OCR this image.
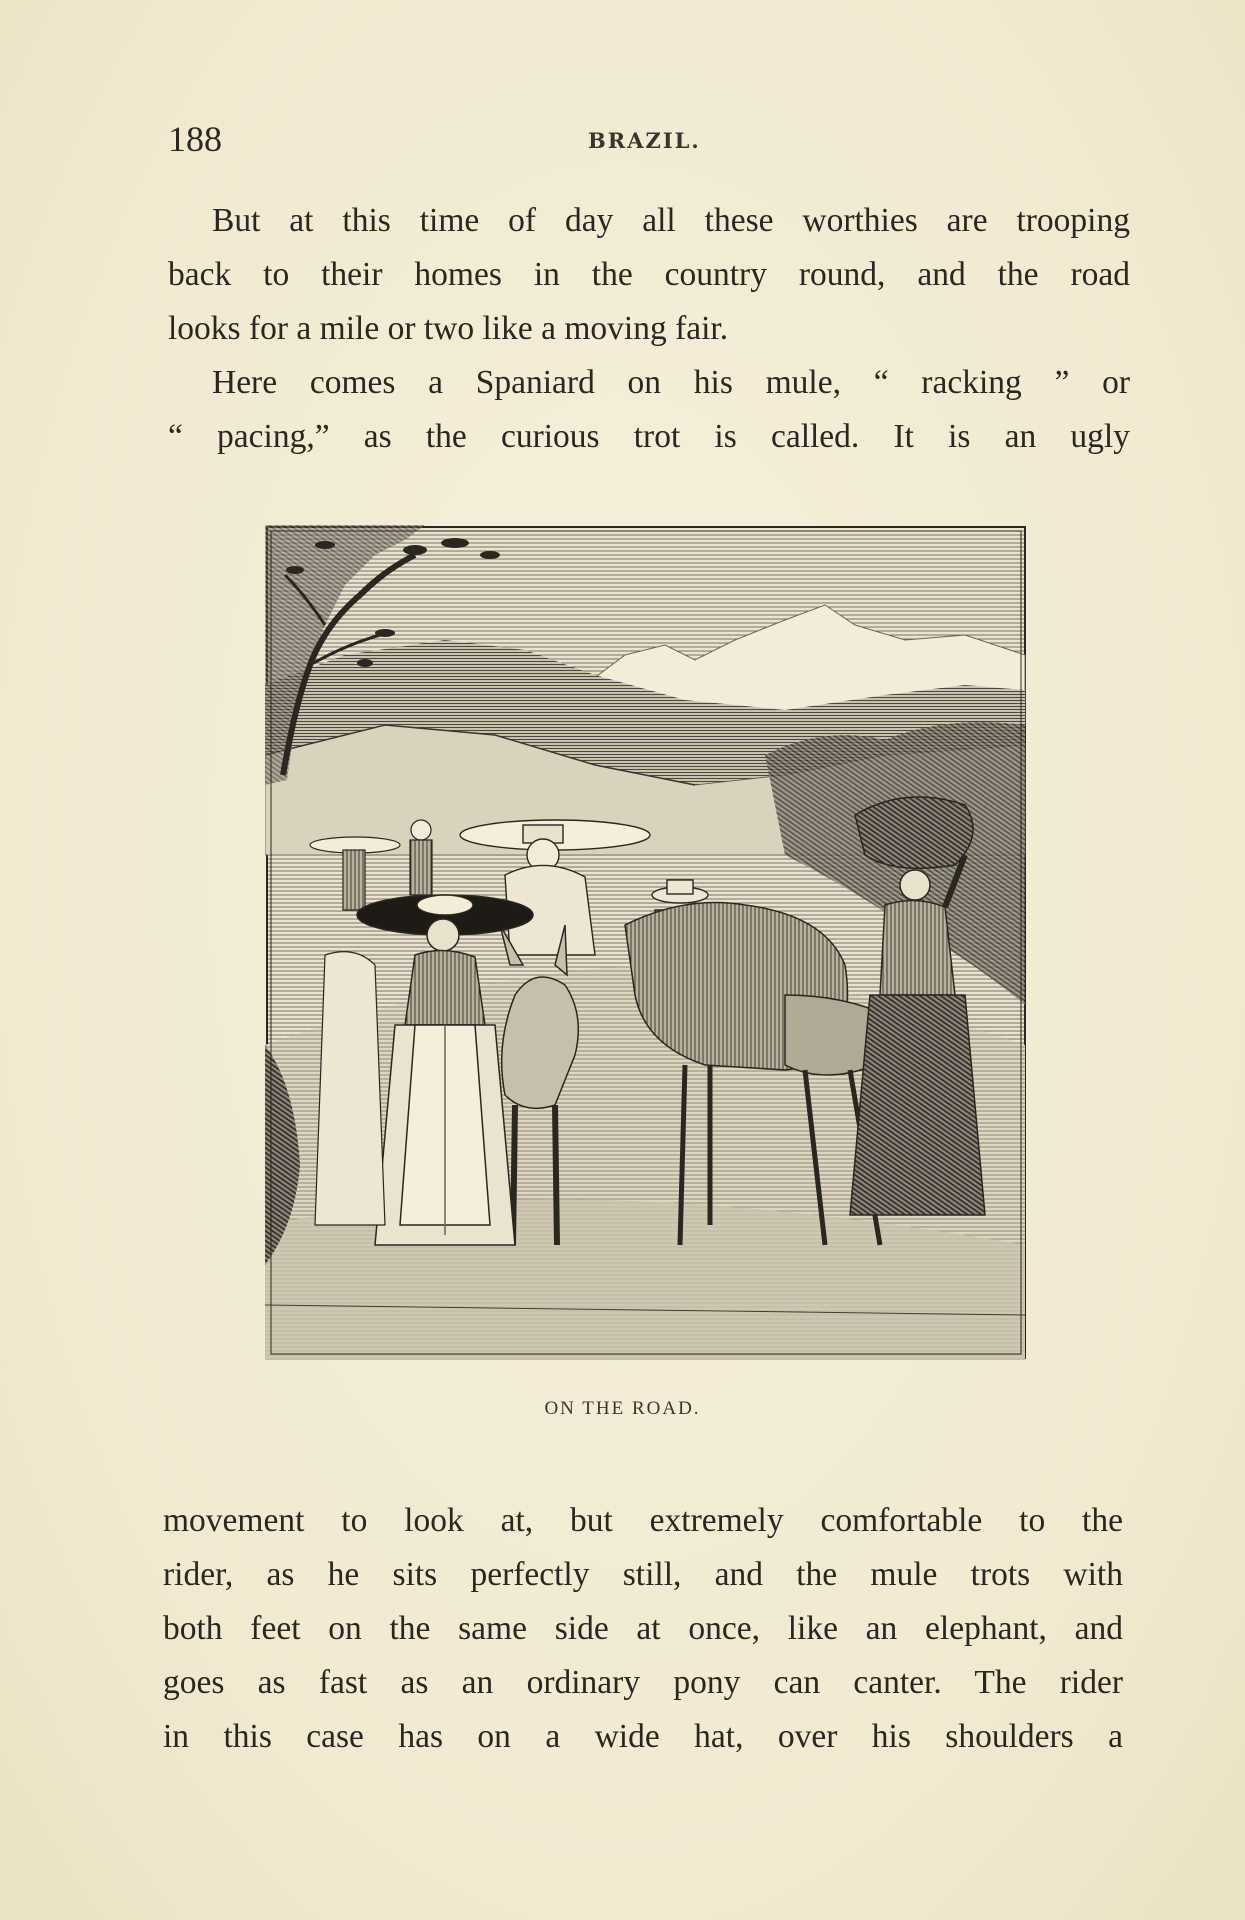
188	BRAZIL.
But at this time of day all these worthies are trooping
back to their homes in the country round, and the road
looks for a mile or two like a moving fair.
Here comes a Spaniard on his mule, “ racking ” or
“ pacing,” as the curious trot is called. It is an ugly
ON THE ROAD.
movement to look at, but extremely comfortable to the
rider, as he sits perfectly still, and the mule trots with
both feet on the same side at once, like an elephant, and
goes as fast as an ordinary pony can canter. The rider
in this case has on a wide hat, over his shoulders a
